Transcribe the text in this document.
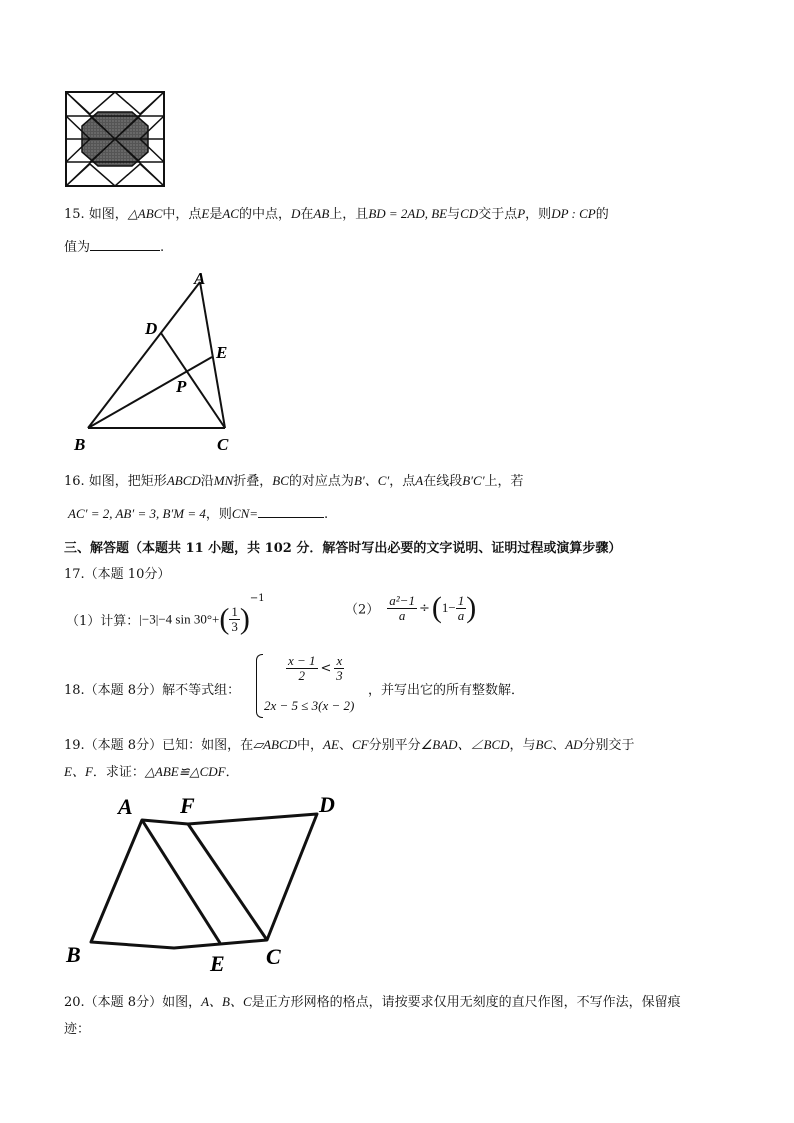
15. 如图，△ABC中，点E是AC的中点，D在AB上，且BD = 2AD, BE与CD交于点P，则DP : CP的
值为	.
A
D
E
P
B	C
16. 如图，把矩形ABCD沿MN折叠，BC的对应点为B′、C′，点A在线段B′C′上，若
AC′ = 2, AB′ = 3, B′M = 4，则CN=	.
三、解答题（本题共 11 小题，共 102 分．解答时写出必要的文字说明、证明过程或演算步骤）
17.（本题 10分）
（1）计算：|−3|−4 $\sin 30^\circ+( \frac{1}{3} )^{-1}$
$(2) \frac{\text{a²−1}}{a} \div(1- \frac{1}{a}$ )
18.（本题 8分）解不等式组：
$\frac{x - 1}{2} < \frac{x}{3}$
2x − 5 ≤ 3(x − 2)
，并写出它的所有整数解．
19.（本题 8分）已知：如图，在▱ABCD中，AE、CF分别平分∠BAD、∠BCD，与BC、AD分别交于
E、F．求证：△ABE≌△CDF．
A F	D
B	E C
20.（本题 8分）如图，A、B、C是正方形网格的格点，请按要求仅用无刻度的直尺作图，不写作法，保留痕
迹：
